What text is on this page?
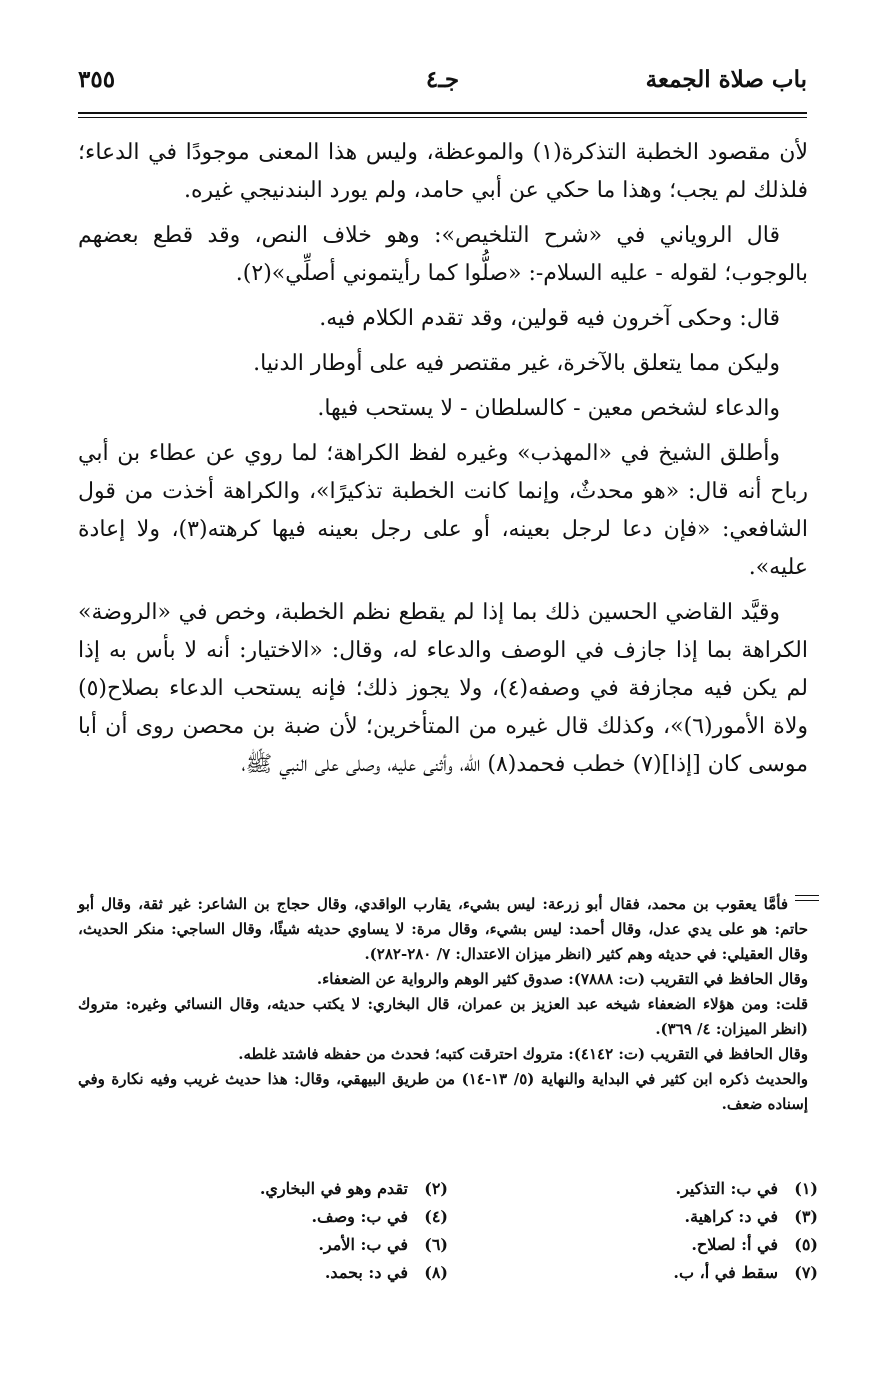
باب صلاة الجمعة
جـ٤
٣٥٥

لأن مقصود الخطبة التذكرة(١) والموعظة، وليس هذا المعنى موجودًا في الدعاء؛ فلذلك لم يجب؛ وهذا ما حكي عن أبي حامد، ولم يورد البندنيجي غيره.

قال الروياني في «شرح التلخيص»: وهو خلاف النص، وقد قطع بعضهم بالوجوب؛ لقوله - عليه السلام-: «صلُّوا كما رأيتموني أصلِّي»(٢).

قال: وحكى آخرون فيه قولين، وقد تقدم الكلام فيه.

وليكن مما يتعلق بالآخرة، غير مقتصر فيه على أوطار الدنيا.

والدعاء لشخص معين - كالسلطان - لا يستحب فيها.

وأطلق الشيخ في «المهذب» وغيره لفظ الكراهة؛ لما روي عن عطاء بن أبي رباح أنه قال: «هو محدثٌ، وإنما كانت الخطبة تذكيرًا»، والكراهة أخذت من قول الشافعي: «فإن دعا لرجل بعينه، أو على رجل بعينه فيها كرهته(٣)، ولا إعادة عليه».

وقيَّد القاضي الحسين ذلك بما إذا لم يقطع نظم الخطبة، وخص في «الروضة» الكراهة بما إذا جازف في الوصف والدعاء له، وقال: «الاختيار: أنه لا بأس به إذا لم يكن فيه مجازفة في وصفه(٤)، ولا يجوز ذلك؛ فإنه يستحب الدعاء بصلاح(٥) ولاة الأمور(٦)»، وكذلك قال غيره من المتأخرين؛ لأن ضبة بن محصن روى أن أبا موسى كان [إذا](٧) خطب فحمد(٨) الله، وأثنى عليه، وصلى على النبي ﷺ،

فأمَّا يعقوب بن محمد، فقال أبو زرعة: ليس بشيء، يقارب الواقدي، وقال حجاج بن الشاعر: غير ثقة، وقال أبو حاتم: هو على يدي عدل، وقال أحمد: ليس بشيء، وقال مرة: لا يساوي حديثه شيئًا، وقال الساجي: منكر الحديث، وقال العقيلي: في حديثه وهم كثير (انظر ميزان الاعتدال: ٧/ ٢٨٠-٢٨٢).

وقال الحافظ في التقريب (ت: ٧٨٨٨): صدوق كثير الوهم والرواية عن الضعفاء.

قلت: ومن هؤلاء الضعفاء شيخه عبد العزيز بن عمران، قال البخاري: لا يكتب حديثه، وقال النسائي وغيره: متروك (انظر الميزان: ٤/ ٣٦٩).

وقال الحافظ في التقريب (ت: ٤١٤٢): متروك احترقت كتبه؛ فحدث من حفظه فاشتد غلطه.

والحديث ذكره ابن كثير في البداية والنهاية (٥/ ١٣-١٤) من طريق البيهقي، وقال: هذا حديث غريب وفيه نكارة وفي إسناده ضعف.

(١)في ب: التذكير.
(٢)تقدم وهو في البخاري.
(٣)في د: كراهية.
(٤)في ب: وصف.
(٥)في أ: لصلاح.
(٦)في ب: الأمر.
(٧)سقط في أ، ب.
(٨)في د: بحمد.
